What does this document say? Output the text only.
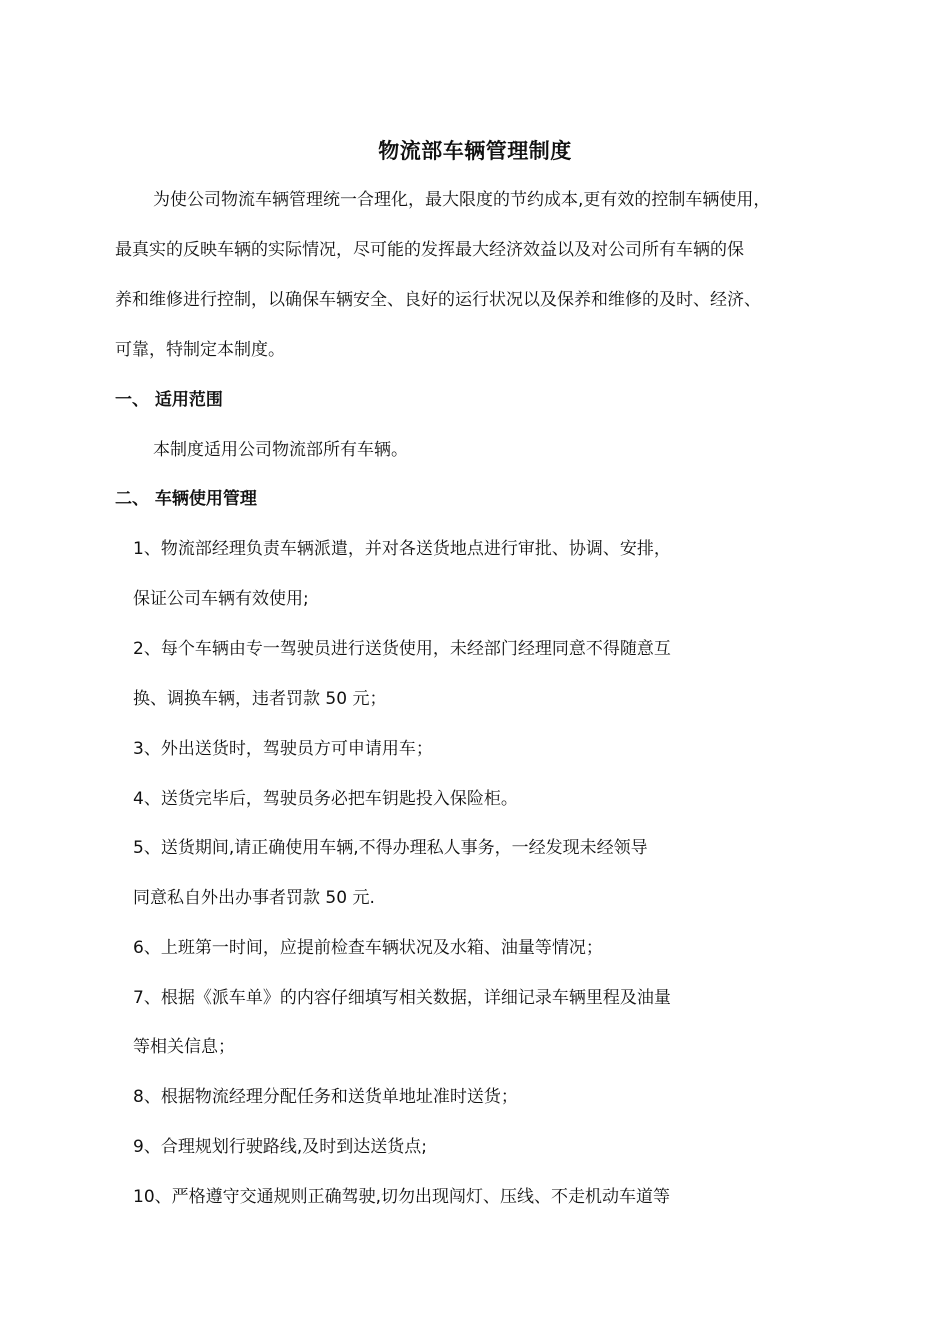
物流部车辆管理制度
为使公司物流车辆管理统一合理化，最大限度的节约成本,更有效的控制车辆使用，
最真实的反映车辆的实际情况，尽可能的发挥最大经济效益以及对公司所有车辆的保
养和维修进行控制，以确保车辆安全、良好的运行状况以及保养和维修的及时、经济、
可靠，特制定本制度。
一、 适用范围
本制度适用公司物流部所有车辆。
二、 车辆使用管理
1、物流部经理负责车辆派遣，并对各送货地点进行审批、协调、安排，
保证公司车辆有效使用;
2、每个车辆由专一驾驶员进行送货使用，未经部门经理同意不得随意互
换、调换车辆，违者罚款 50 元；
3、外出送货时，驾驶员方可申请用车；
4、送货完毕后，驾驶员务必把车钥匙投入保险柜。
5、送货期间,请正确使用车辆,不得办理私人事务，一经发现未经领导
同意私自外出办事者罚款 50 元.
6、上班第一时间，应提前检查车辆状况及水箱、油量等情况；
7、根据《派车单》的内容仔细填写相关数据，详细记录车辆里程及油量
等相关信息；
8、根据物流经理分配任务和送货单地址准时送货；
9、合理规划行驶路线,及时到达送货点;
10、严格遵守交通规则正确驾驶,切勿出现闯灯、压线、不走机动车道等
